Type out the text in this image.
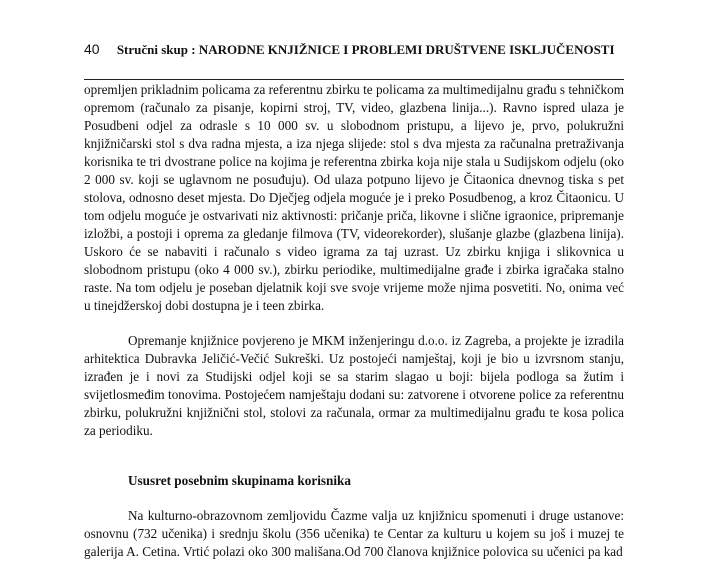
40 Stručni skup : NARODNE KNJIŽNICE I PROBLEMI DRUŠTVENE ISKLJUČENOSTI

opremljen prikladnim policama za referentnu zbirku te policama za multimedijalnu građu s tehničkom opremom (računalo za pisanje, kopirni stroj, TV, video, glazbena linija...). Ravno ispred ulaza je Posudbeni odjel za odrasle s 10 000 sv. u slobodnom pristupu, a lijevo je, prvo, polukružni knjižničarski stol s dva radna mjesta, a iza njega slijede: stol s dva mjesta za računalna pretraživanja korisnika te tri dvostrane police na kojima je referentna zbirka koja nije stala u Sudijskom odjelu (oko 2 000 sv. koji se uglavnom ne posuđuju). Od ulaza potpuno lijevo je Čitaonica dnevnog tiska s pet stolova, odnosno deset mjesta. Do Dječjeg odjela moguće je i preko Posudbenog, a kroz Čitaonicu. U tom odjelu moguće je ostvarivati niz aktivnosti: pričanje priča, likovne i slične igraonice, pripremanje izložbi, a postoji i oprema za gledanje filmova (TV, videorekorder), slušanje glazbe (glazbena linija). Uskoro će se nabaviti i računalo s video igrama za taj uzrast. Uz zbirku knjiga i slikovnica u slobodnom pristupu (oko 4 000 sv.), zbirku periodike, multimedijalne građe i zbirka igračaka stalno raste. Na tom odjelu je poseban djelatnik koji sve svoje vrijeme može njima posvetiti. No, onima već u tinejdžerskoj dobi dostupna je i teen zbirka.

Opremanje knjižnice povjereno je MKM inženjeringu d.o.o. iz Zagreba, a projekte je izradila arhitektica Dubravka Jeličić-Večić Sukreški. Uz postojeći namještaj, koji je bio u izvrsnom stanju, izrađen je i novi za Studijski odjel koji se sa starim slagao u boji: bijela podloga sa žutim i svijetlosmeđim tonovima. Postojećem namještaju dodani su: zatvorene i otvorene police za referentnu zbirku, polukružni knjižnični stol, stolovi za računala, ormar za multimedijalnu građu te kosa polica za periodiku.

Ususret posebnim skupinama korisnika

Na kulturno-obrazovnom zemljovidu Čazme valja uz knjižnicu spomenuti i druge ustanove: osnovnu (732 učenika) i srednju školu (356 učenika) te Centar za kulturu u kojem su još i muzej te galerija A. Cetina. Vrtić polazi oko 300 mališana.Od 700 članova knjižnice polovica su učenici pa kad
